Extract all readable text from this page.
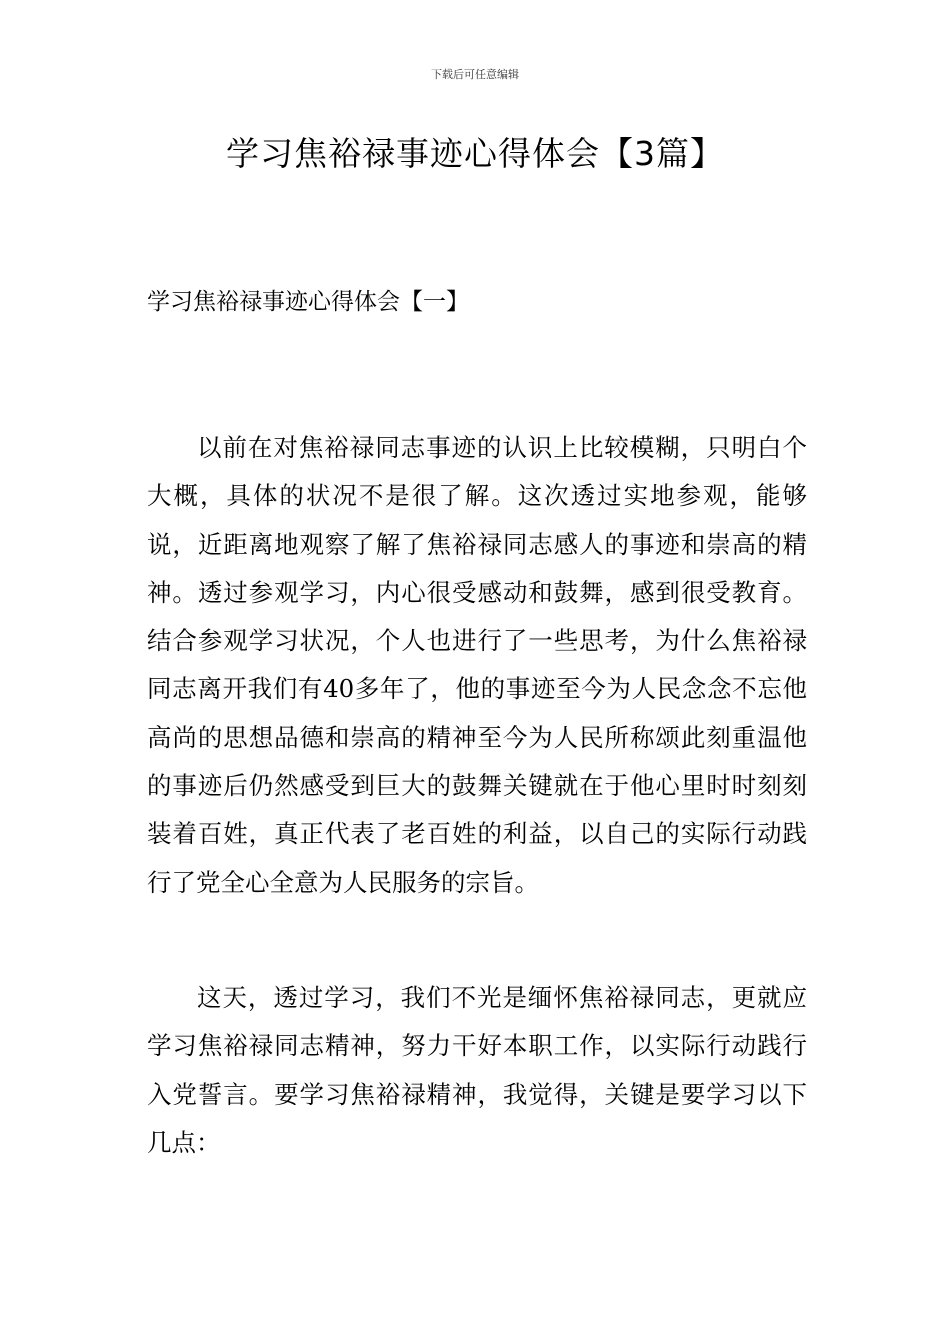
下载后可任意编辑
学习焦裕禄事迹心得体会【3篇】
学习焦裕禄事迹心得体会【一】

以前在对焦裕禄同志事迹的认识上比较模糊，只明白个大概，具体的状况不是很了解。这次透过实地参观，能够说，近距离地观察了解了焦裕禄同志感人的事迹和崇高的精神。透过参观学习，内心很受感动和鼓舞，感到很受教育。结合参观学习状况，个人也进行了一些思考，为什么焦裕禄同志离开我们有40多年了，他的事迹至今为人民念念不忘他高尚的思想品德和崇高的精神至今为人民所称颂此刻重温他的事迹后仍然感受到巨大的鼓舞关键就在于他心里时时刻刻装着百姓，真正代表了老百姓的利益，以自己的实际行动践行了党全心全意为人民服务的宗旨。

这天，透过学习，我们不光是缅怀焦裕禄同志，更就应学习焦裕禄同志精神，努力干好本职工作，以实际行动践行入党誓言。要学习焦裕禄精神，我觉得，关键是要学习以下几点：
